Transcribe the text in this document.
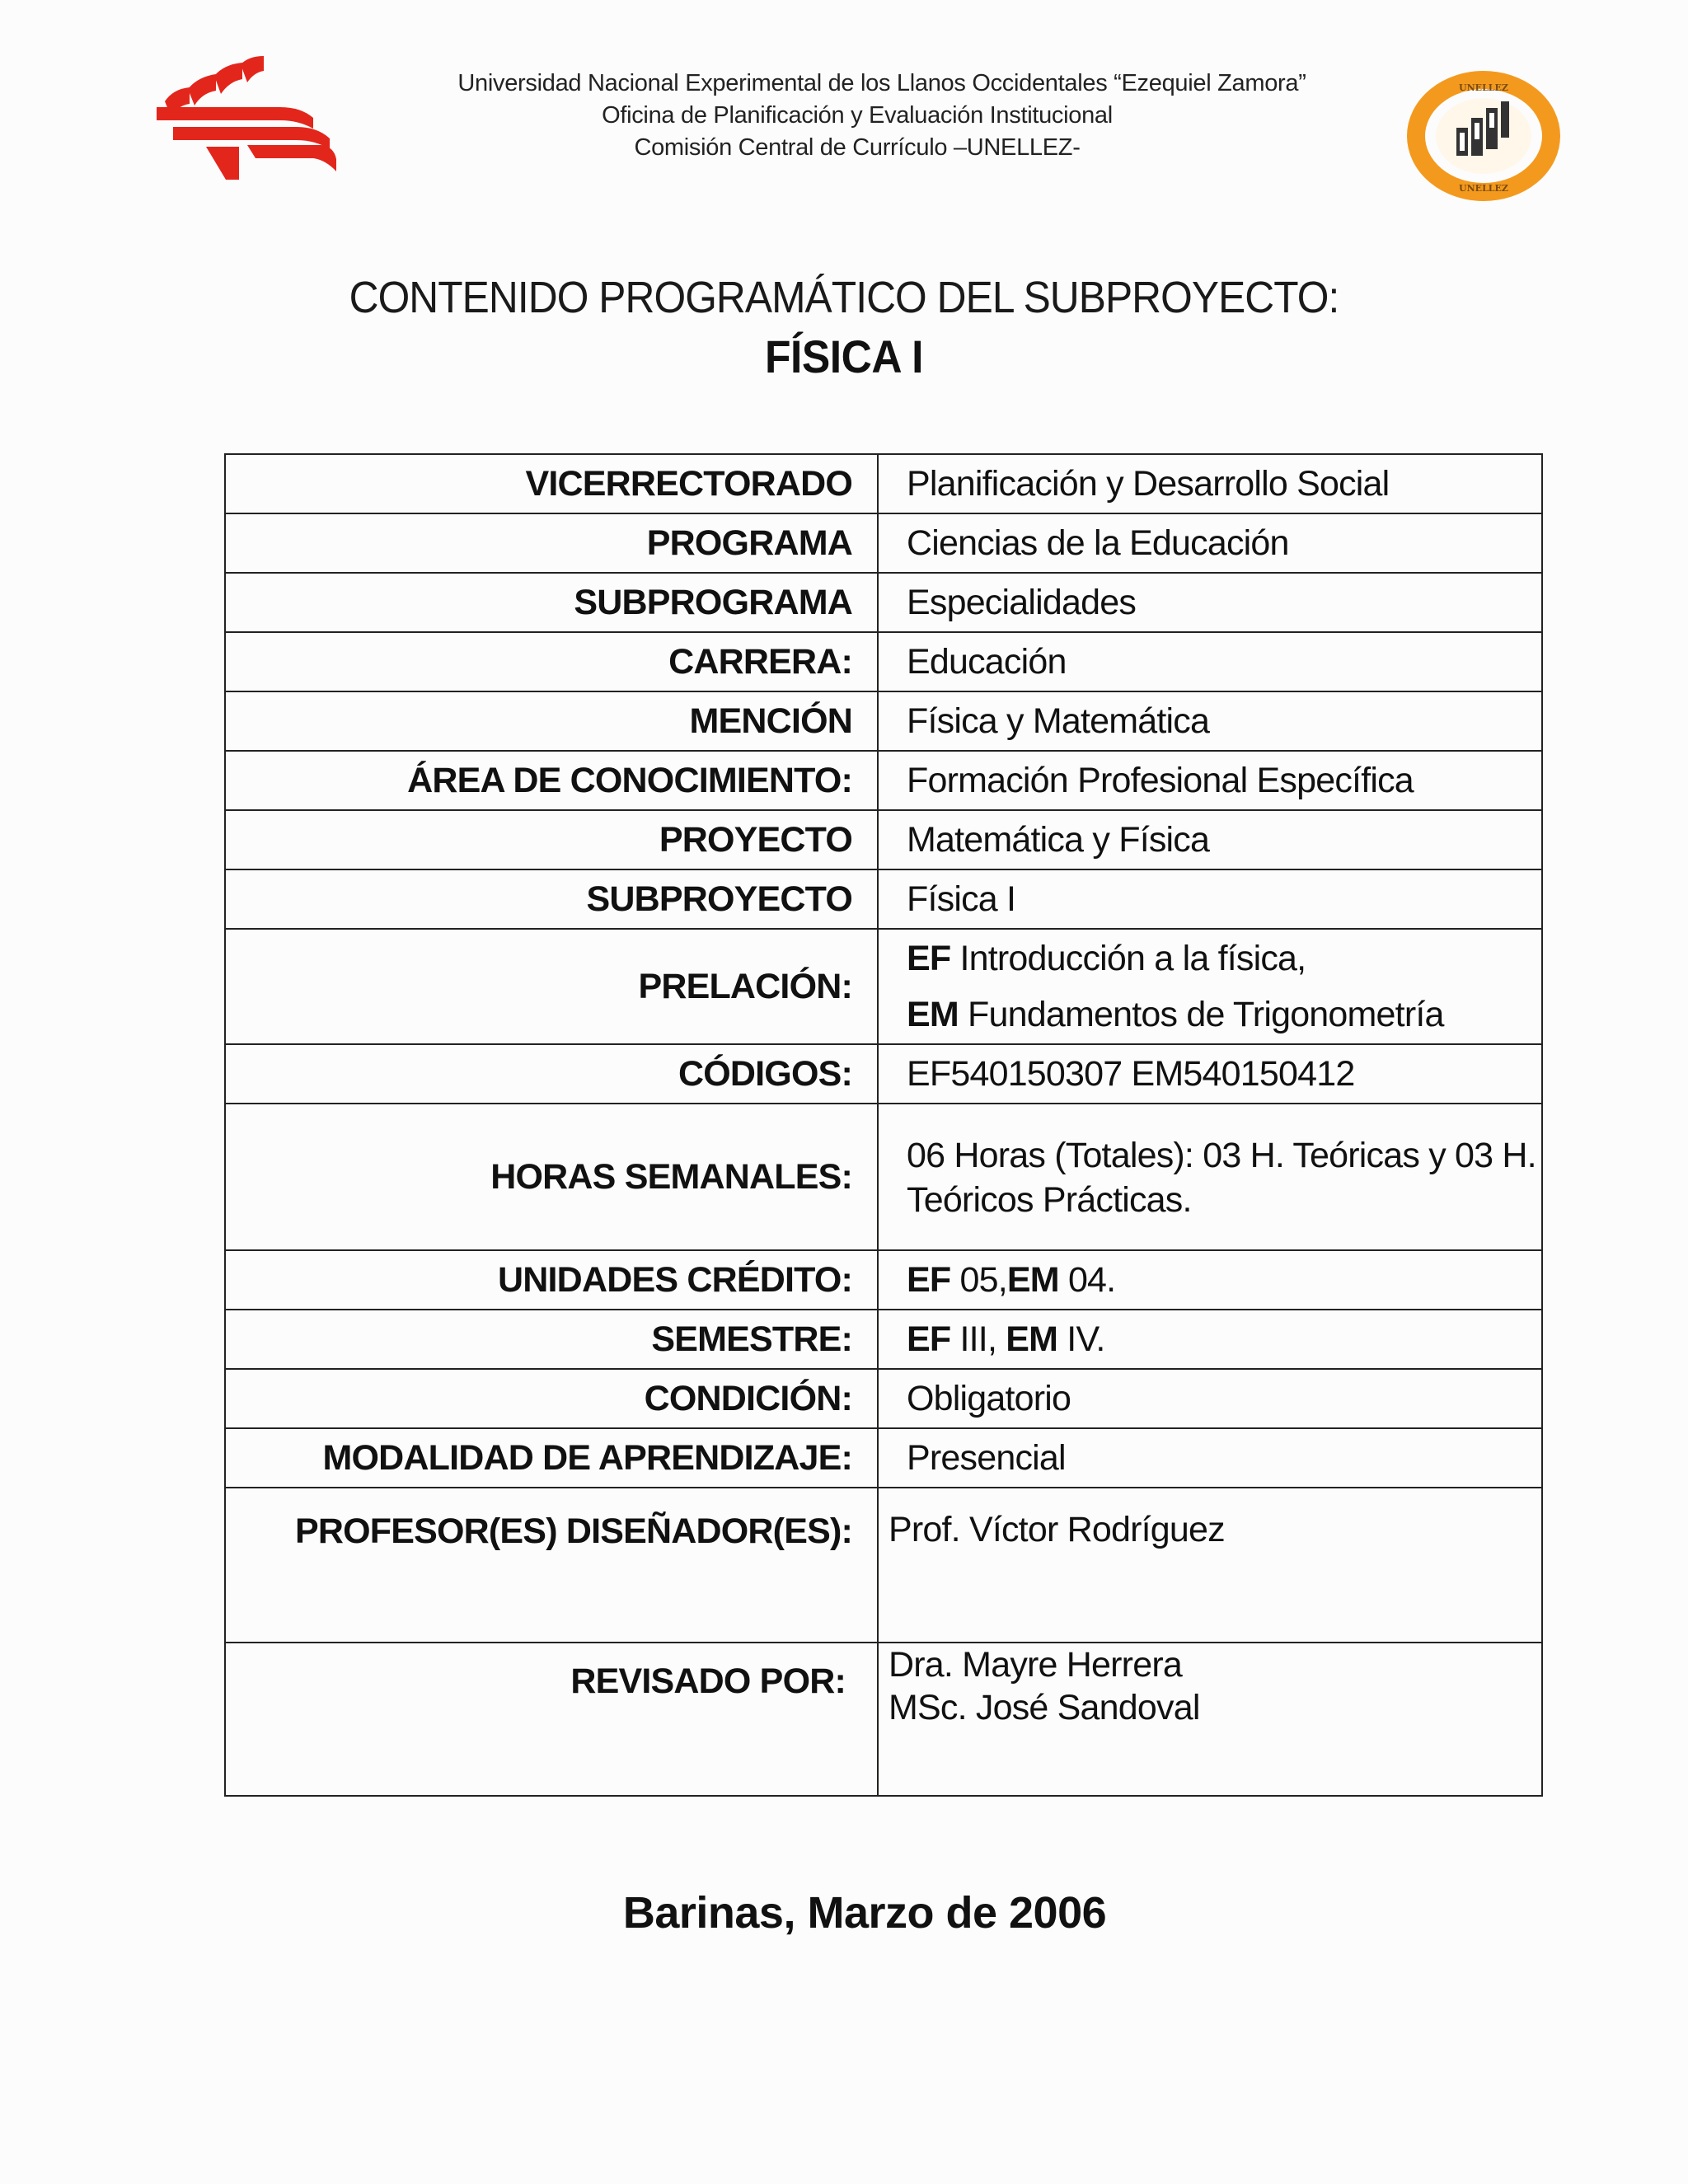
UNELLEZ
UNELLEZ
Universidad Nacional Experimental de los Llanos Occidentales “Ezequiel Zamora”
Oficina de Planificación y Evaluación Institucional
Comisión Central de Currículo –UNELLEZ-
CONTENIDO PROGRAMÁTICO DEL SUBPROYECTO:
FÍSICA I
VICERRECTORADO	Planificación y Desarrollo Social
PROGRAMA	Ciencias de la Educación
SUBPROGRAMA	Especialidades
CARRERA:	Educación
MENCIÓN	Física y Matemática
ÁREA DE CONOCIMIENTO:	Formación Profesional Específica
PROYECTO	Matemática y Física
SUBPROYECTO	Física I
PRELACIÓN:	EF Introducción a la física,
EM Fundamentos de Trigonometría

CÓDIGOS:	EF540150307 EM540150412
HORAS SEMANALES:	06 Horas (Totales): 03 H. Teóricas y 03 H.
Teóricos Prácticas.

UNIDADES CRÉDITO:	EF 05,EM 04.
SEMESTRE:	EF III, EM IV.
CONDICIÓN:	Obligatorio
MODALIDAD DE APRENDIZAJE:	Presencial
PROFESOR(ES) DISEÑADOR(ES):	Prof. Víctor Rodríguez
REVISADO POR:	Dra. Mayre Herrera
MSc. José Sandoval
Barinas, Marzo de 2006
